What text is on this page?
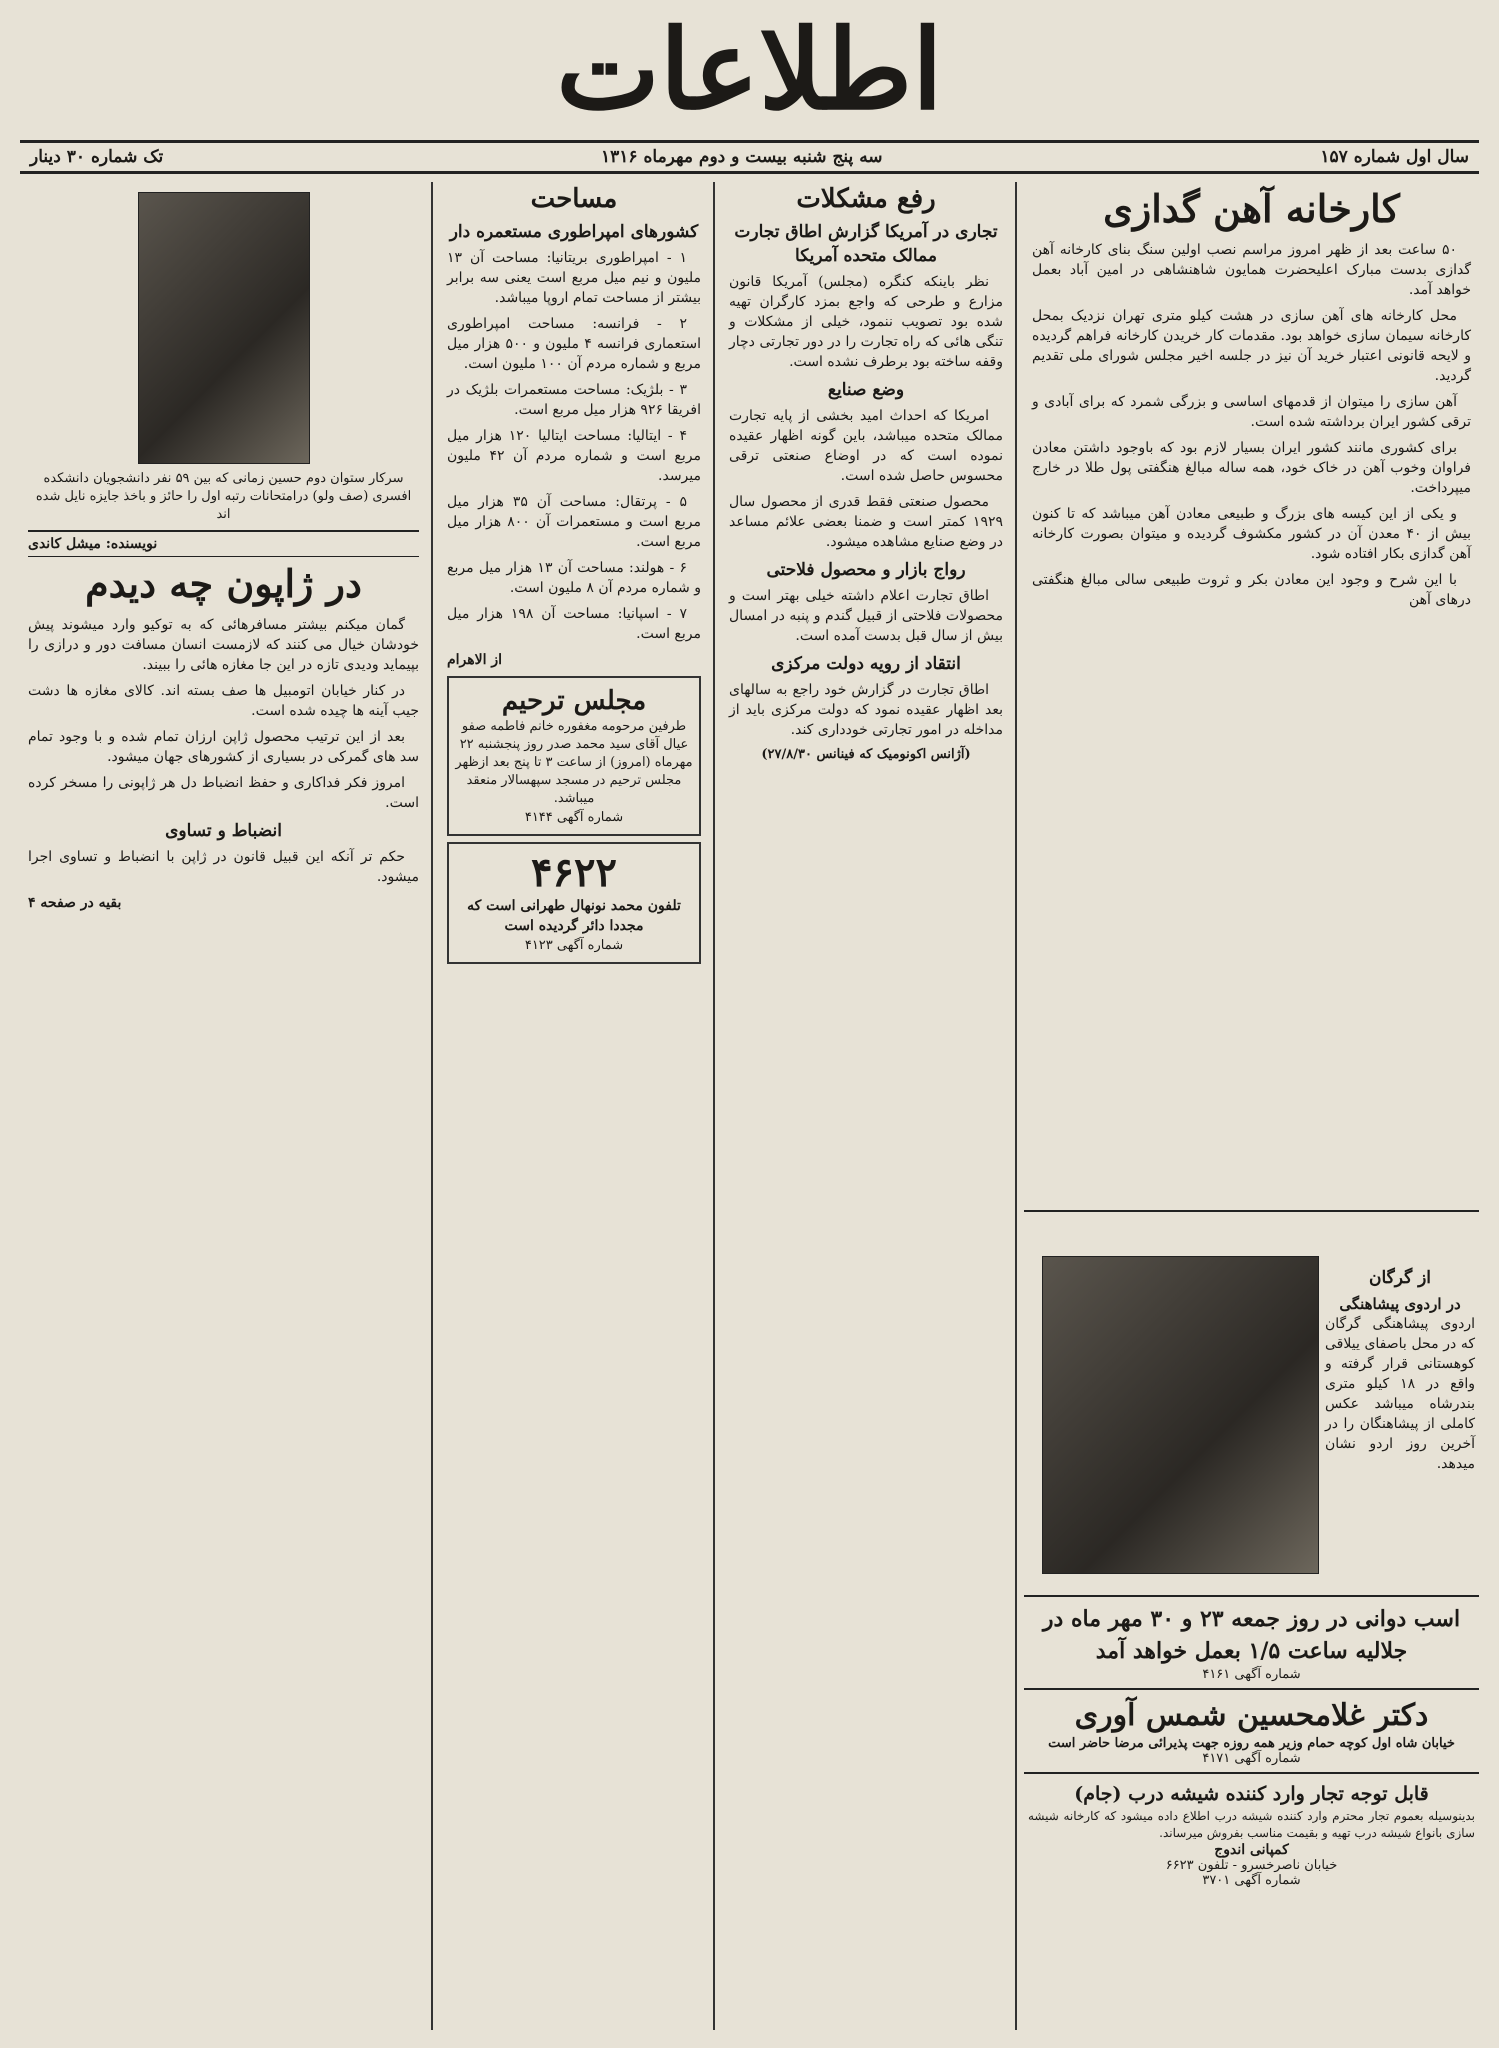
اطلاعات
سال اول شماره ۱۵۷
سه پنج شنبه بیست و دوم مهرماه ۱۳۱۶
تک شماره ۳۰ دینار
کارخانه آهن گدازی

۵۰ ساعت بعد از ظهر امروز مراسم نصب اولین سنگ بنای کارخانه آهن گدازی بدست مبارک اعلیحضرت همایون شاهنشاهی در امین آباد بعمل خواهد آمد.

محل کارخانه های آهن سازی در هشت کیلو متری تهران نزدیک بمحل کارخانه سیمان سازی خواهد بود. مقدمات کار خریدن کارخانه فراهم گردیده و لایحه قانونی اعتبار خرید آن نیز در جلسه اخیر مجلس شورای ملی تقدیم گردید.

آهن سازی را میتوان از قدمهای اساسی و بزرگی شمرد که برای آبادی و ترقی کشور ایران برداشته شده است.

برای کشوری مانند کشور ایران بسیار لازم بود که باوجود داشتن معادن فراوان وخوب آهن در خاک خود، همه ساله مبالغ هنگفتی پول طلا در خارج میپرداخت.

و یکی از این کیسه های بزرگ و طبیعی معادن آهن میباشد که تا کنون بیش از ۴۰ معدن آن در کشور مکشوف گردیده و میتوان بصورت کارخانه آهن گدازی بکار افتاده شود.

با این شرح و وجود این معادن بکر و ثروت طبیعی سالی مبالغ هنگفتی درهای آهن

از گرگان
در اردوی پیشاهنگی
اردوی پیشاهنگی گرگان که در محل باصفای ییلاقی کوهستانی قرار گرفته و واقع در ۱۸ کیلو متری بندرشاه میباشد عکس کاملی از پیشاهنگان را در آخرین روز اردو نشان میدهد.
اسب دوانی در روز جمعه ۲۳ و ۳۰ مهر ماه در
جلالیه ساعت ۱/۵ بعمل خواهد آمد
شماره آگهی ۴۱۶۱
دکتر غلامحسین شمس آوری
خیابان شاه اول کوچه حمام وزیر همه روزه جهت پذیرائی مرضا حاضر است
شماره آگهی ۴۱۷۱
قابل توجه تجار وارد کننده شیشه درب (جام)
بدینوسیله بعموم تجار محترم وارد کننده شیشه درب اطلاع داده میشود که کارخانه شیشه سازی بانواع شیشه درب تهیه و بقیمت مناسب بفروش میرساند.
کمپانی اندوج
خیابان ناصرخسرو - تلفون ۶۶۲۳
شماره آگهی ۳۷۰۱
رفع مشکلات
تجاری در آمریکا گزارش اطاق تجارت ممالک متحده آمریکا

نظر باینکه کنگره (مجلس) آمریکا قانون مزارع و طرحی که واجع بمزد کارگران تهیه شده بود تصویب ننمود، خیلی از مشکلات و تنگی هائی که راه تجارت را در دور تجارتی دچار وقفه ساخته بود برطرف نشده است.

وضع صنایع

امریکا که احداث امید بخشی از پایه تجارت ممالک متحده میباشد، باین گونه اظهار عقیده نموده است که در اوضاع صنعتی ترقی محسوس حاصل شده است.

محصول صنعتی فقط قدری از محصول سال ۱۹۲۹ کمتر است و ضمنا بعضی علائم مساعد در وضع صنایع مشاهده میشود.

رواج بازار و محصول فلاحتی

اطاق تجارت اعلام داشته خیلی بهتر است و محصولات فلاحتی از قبیل گندم و پنبه در امسال بیش از سال قبل بدست آمده است.

انتقاد از رویه دولت مرکزی

اطاق تجارت در گزارش خود راجع به سالهای بعد اظهار عقیده نمود که دولت مرکزی باید از مداخله در امور تجارتی خودداری کند.

(آژانس اکونومیک که فینانس ۲۷/۸/۳۰)
مساحت
کشورهای امپراطوری مستعمره دار

۱ - امپراطوری بریتانیا: مساحت آن ۱۳ ملیون و نیم میل مربع است یعنی سه برابر بیشتر از مساحت تمام اروپا میباشد.

۲ - فرانسه: مساحت امپراطوری استعماری فرانسه ۴ ملیون و ۵۰۰ هزار میل مربع و شماره مردم آن ۱۰۰ ملیون است.

۳ - بلژیک: مساحت مستعمرات بلژیک در افریقا ۹۲۶ هزار میل مربع است.

۴ - ایتالیا: مساحت ایتالیا ۱۲۰ هزار میل مربع است و شماره مردم آن ۴۲ ملیون میرسد.

۵ - پرتقال: مساحت آن ۳۵ هزار میل مربع است و مستعمرات آن ۸۰۰ هزار میل مربع است.

۶ - هولند: مساحت آن ۱۳ هزار میل مربع و شماره مردم آن ۸ ملیون است.

۷ - اسپانیا: مساحت آن ۱۹۸ هزار میل مربع است.

از الاهرام
مجلس ترحیم
طرفین مرحومه مغفوره خانم فاطمه صفو عیال آقای سید محمد صدر روز پنجشنبه ۲۲ مهرماه (امروز) از ساعت ۳ تا پنج بعد ازظهر مجلس ترحیم در مسجد سپهسالار منعقد میباشد.
شماره آگهی ۴۱۴۴
۴۶۲۲
تلفون محمد نونهال طهرانی است که مجددا دائر گردیده است
شماره آگهی ۴۱۲۳
سرکار ستوان دوم حسین زمانی که بین ۵۹ نفر دانشجویان دانشکده افسری (صف ولو) درامتحانات رتبه اول را حائز و باخذ جایزه نایل شده اند
نویسنده: میشل کاندی
در ژاپون چه دیدم

گمان میکنم بیشتر مسافرهائی که به توکیو وارد میشوند پیش خودشان خیال می کنند که لازمست انسان مسافت دور و درازی را بپیماید ودیدی تازه در این جا مغازه هائی را ببیند.

در کنار خیابان اتومبیل ها صف بسته اند. کالای مغازه ها دشت جیب آینه ها چیده شده است.

بعد از این ترتیب محصول ژاپن ارزان تمام شده و با وجود تمام سد های گمرکی در بسیاری از کشورهای جهان میشود.

امروز فکر فداکاری و حفظ انضباط دل هر ژاپونی را مسخر کرده است.

انضباط و تساوی

حکم تر آنکه این قبیل قانون در ژاپن با انضباط و تساوی اجرا میشود.

بقیه در صفحه ۴
